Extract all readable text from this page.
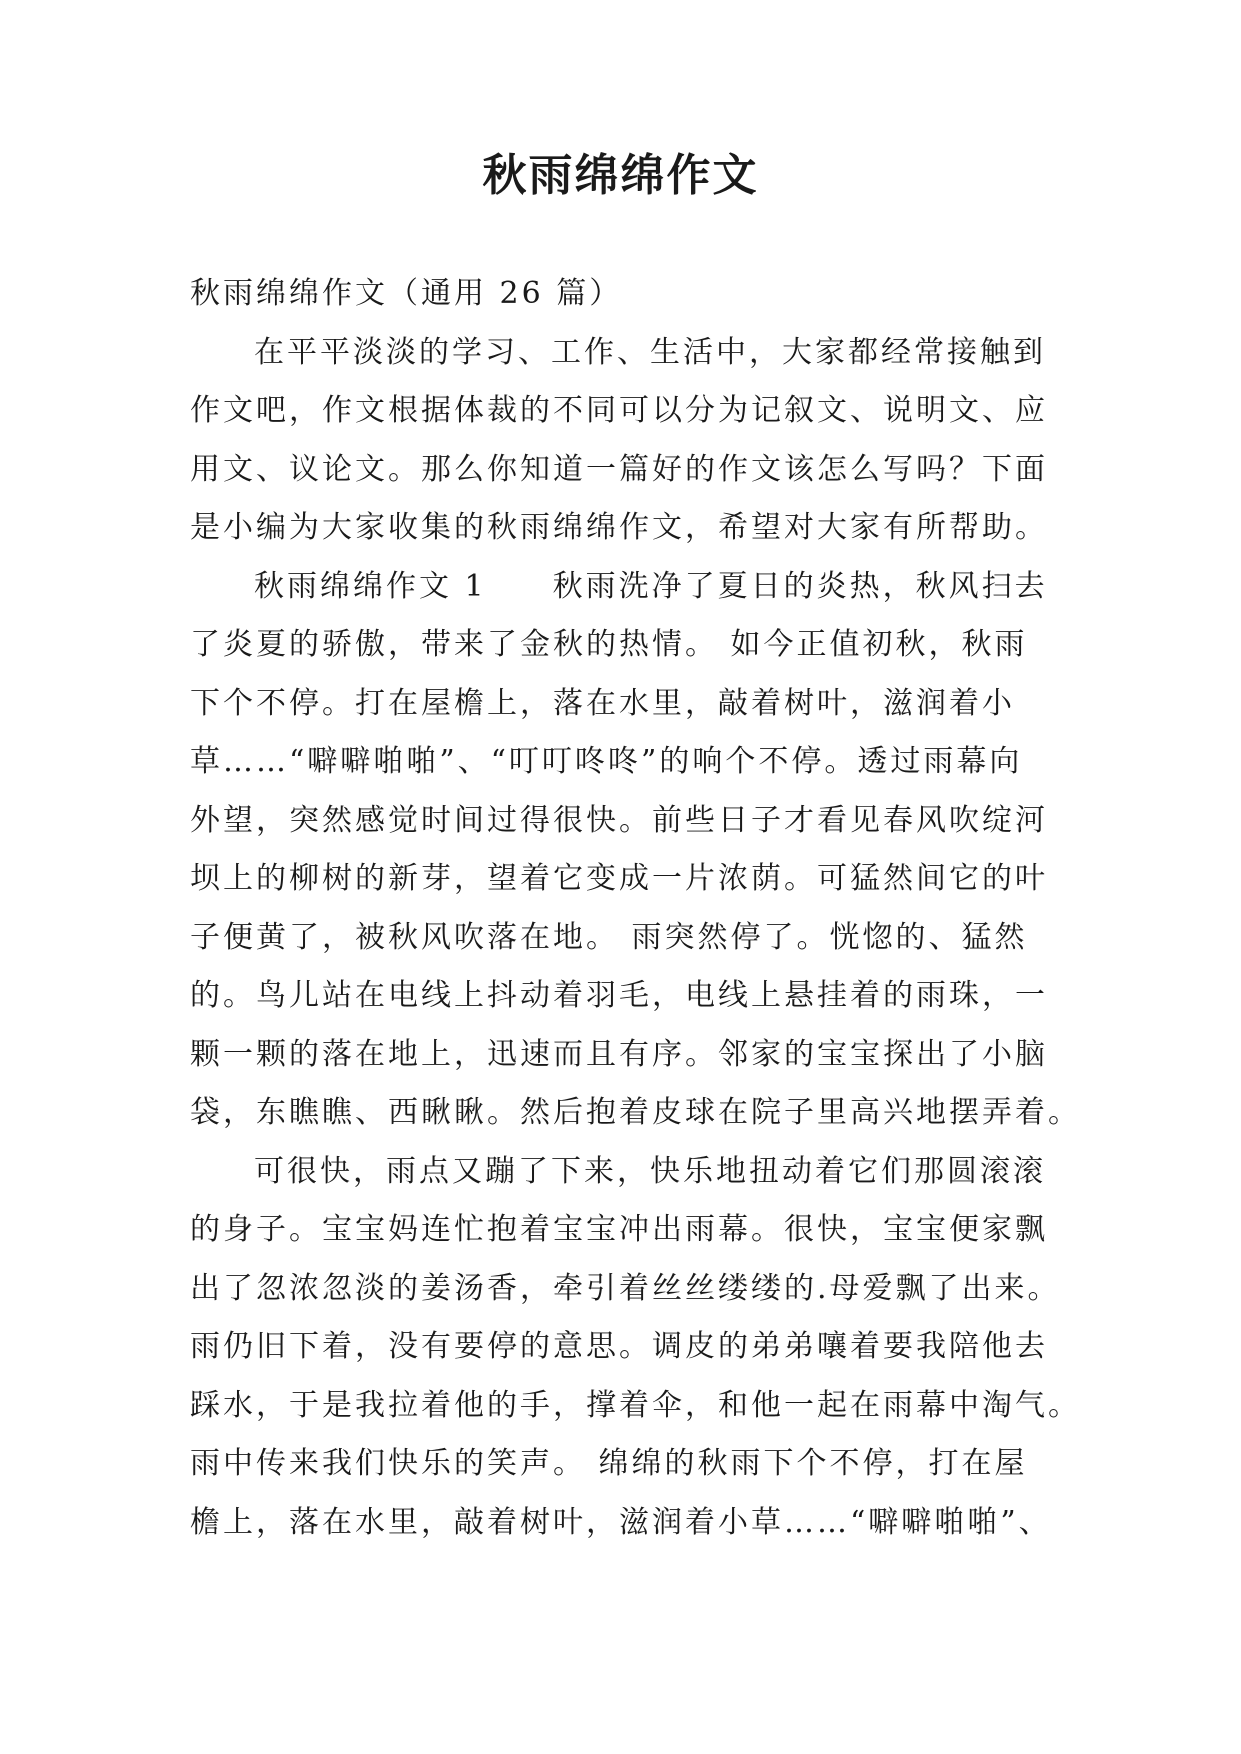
秋雨绵绵作文
秋雨绵绵作文（通用 26 篇）
在平平淡淡的学习、工作、生活中，大家都经常接触到
作文吧，作文根据体裁的不同可以分为记叙文、说明文、应
用文、议论文。那么你知道一篇好的作文该怎么写吗？下面
是小编为大家收集的秋雨绵绵作文，希望对大家有所帮助。
秋雨绵绵作文 1　　秋雨洗净了夏日的炎热，秋风扫去
了炎夏的骄傲，带来了金秋的热情。 如今正值初秋，秋雨
下个不停。打在屋檐上，落在水里，敲着树叶，滋润着小
草……“噼噼啪啪”、“叮叮咚咚”的响个不停。透过雨幕向
外望，突然感觉时间过得很快。前些日子才看见春风吹绽河
坝上的柳树的新芽，望着它变成一片浓荫。可猛然间它的叶
子便黄了，被秋风吹落在地。 雨突然停了。恍惚的、猛然
的。鸟儿站在电线上抖动着羽毛，电线上悬挂着的雨珠，一
颗一颗的落在地上，迅速而且有序。邻家的宝宝探出了小脑
袋，东瞧瞧、西瞅瞅。然后抱着皮球在院子里高兴地摆弄着。
可很快，雨点又蹦了下来，快乐地扭动着它们那圆滚滚
的身子。宝宝妈连忙抱着宝宝冲出雨幕。很快，宝宝便家飘
出了忽浓忽淡的姜汤香，牵引着丝丝缕缕的.母爱飘了出来。
雨仍旧下着，没有要停的意思。调皮的弟弟嚷着要我陪他去
踩水，于是我拉着他的手，撑着伞，和他一起在雨幕中淘气。
雨中传来我们快乐的笑声。 绵绵的秋雨下个不停，打在屋
檐上，落在水里，敲着树叶，滋润着小草……“噼噼啪啪”、
